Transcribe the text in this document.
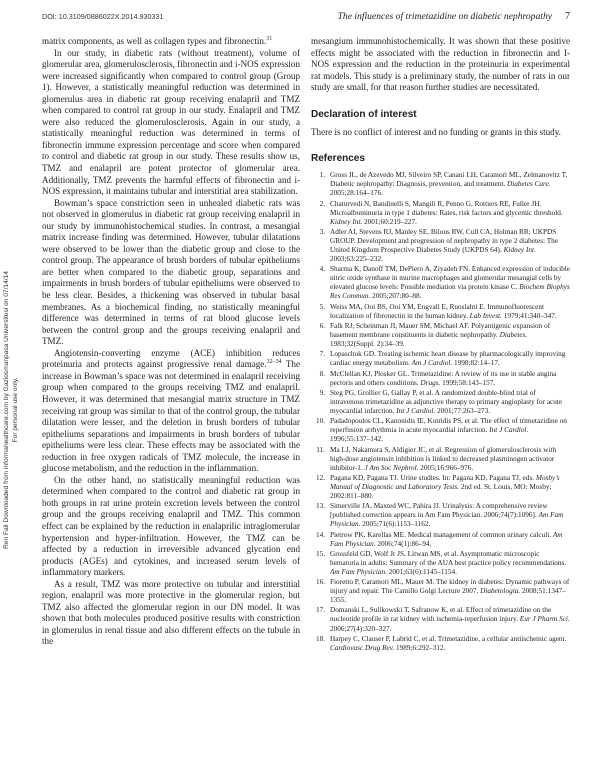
DOI: 10.3109/0886022X.2014.930331	The influences of trimetazidine on diabetic nephropathy 7
Ren Fail Downloaded from informahealthcare.com by Gaziosmanpasa Universitesi on 07/14/14 For personal use only.

matrix components, as well as collagen types and fibronectin.$^{31}$

In our study, in diabetic rats (without treatment), volume of glomerular area, glomerulosclerosis, fibronectin and i-NOS expression were increased significantly when compared to control group (Group 1). However, a statistically meaningful reduction was determined in glomerulus area in diabetic rat group receiving enalapril and TMZ when compared to control rat group in our study. Enalapril and TMZ were also reduced the glomerulosclerosis. Again in our study, a statistically meaningful reduction was determined in terms of fibronectin immune expression percentage and score when compared to control and diabetic rat group in our study. These results show us, TMZ and enalapril are potent protector of glomerular area. Additionally, TMZ prevents the harmful effects of fibronectin and i-NOS expression, it maintains tubular and interstitial area stabilization.

Bowman’s space constriction seen in unhealed diabetic rats was not observed in glomerulus in diabetic rat group receiving enalapril in our study by immunohistochemical studies. In contrast, a mesangial matrix increase finding was determined. However, tubular dilatations were observed to be lower than the diabetic group and close to the control group. The appearance of brush borders of tubular epitheliums are better when compared to the diabetic group, separations and impairments in brush borders of tubular epitheliums were observed to be less clear. Besides, a thickening was observed in tubular basal membranes. As a biochemical finding, no statistically meaningful difference was determined in terms of rat blood glucose levels between the control group and the groups receiving enalapril and TMZ.

Angiotensin-converting enzyme (ACE) inhibition reduces proteinuria and protects against progressive renal damage.$^{32-34}$ The increase in Bowman’s space was not determined in enalapril receiving group when compared to the groups receiving TMZ and enalapril. However, it was determined that mesangial matrix structure in TMZ receiving rat group was similar to that of the control group, the tubular dilatation were lesser, and the deletion in brush borders of tubular epitheliums separations and impairments in brush borders of tubular epitheliums were less clear. These effects may be associated with the reduction in free oxygen radicals of TMZ molecule, the increase in glucose metabolism, and the reduction in the inflammation.

On the other hand, no statistically meaningful reduction was determined when compared to the control and diabetic rat group in both groups in rat urine protein excretion levels between the control group and the groups receiving enalapril and TMZ. This common effect can be explained by the reduction in enalaprilic intraglomerular hypertension and hyper-infiltration. However, the TMZ can be affected by a reduction in irreversible advanced glycation end products (AGEs) and cytokines, and increased serum levels of inflammatory markers.

As a result, TMZ was more protective on tubular and interstitial region, enalapril was more protective in the glomerular region, but TMZ also affected the glomerular region in our DN model. It was shown that both molecules produced positive results with constriction in glomerulus in renal tissue and also different effects on the tubule in the

mesangium immunohistochemically. It was shown that these positive effects might be associated with the reduction in fibronectin and I-NOS expression and the reduction in the proteinuria in experimental rat models. This study is a preliminary study, the number of rats in our study are small, for that reason further studies are necessitated.

Declaration of interest

There is no conflict of interest and no funding or grants in this study.

References
1. Gross JL, de Azevedo MJ, Silveiro SP, Canani LH, Caramori ML, Zelmanovitz T. Diabetic nephropathy: Diagnosis, prevention, and treatment. Diabetes Care. 2005;28:164–176.
2. Chaturvedi N, Bandinelli S, Mangili R, Penno G, Rottiers RE, Fuller JH. Microalbuminuria in type 1 diabetes: Rates, risk factors and glycemic threshold. Kidney Int. 2001;60:219–227.
3. Adler AI, Stevens RJ, Manley SE, Bilous RW, Cull CA, Holman RR; UKPDS GROUP. Development and progression of nephropathy in type 2 diabetes: The United Kingdom Prospective Diabetes Study (UKPDS 64). Kidney Int. 2003;63:225–232.
4. Sharma K, Danoff TM, DePiero A, Ziyadeh FN. Enhanced expression of inducible nitric oxide synthase in murine macrophages and glomerular mesangial cells by elevated glucose levels: Possible mediation via protein kinase C. Biochem Biophys Res Commun. 2005;207:80–88.
5. Weiss MA, Ooi BS, Ooi YM, Engvall E, Ruoslahti E. Immunofluorescent localization of fibronectin in the human kidney. Lab Invest. 1979;41:340–347.
6. Falk RJ, Scheinman JI, Mauer SM, Michael AF. Polyantigenic expansion of basement membrane constituents in diabetic nephropathy. Diabetes. 1983;32(Suppl. 2):34–39.
7. Lopaschuk GD. Treating ischemic heart disease by pharmacologically improving cardiac energy metabolism. Am J Cardiol. 1998;82:14–17.
8. McClellan KJ, Plosker GL. Trimetazidine: A review of its use in stable angina pectoris and others conditions. Drugs. 1999;58:143–157.
9. Steg PG, Grollier G, Gallay P, et al. A randomized double-blind trial of intravenous trimetazidine as adjunctive therapy to primary angioplasty for acute myocardial infarction. Int J Cardiol. 2001;77:263–273.
10. Padadopoulos CL, Kanonidis IE, Kotridis PS, et al. The effect of trimetazidine on reperfusion arrhythmia in acute myocardial infarction. Int J Cardiol. 1996;55:137–142.
11. Ma LJ, Nakamura S, Aldigier JC, et al. Regression of glomerulosclerosis with high-dose angiotensin inhibition is linked to decreased plasminogen activator inhibitor-1. J Am Soc Nephrol. 2005;16:966–976.
12. Pagana KD, Pagana TJ. Urine studies. In: Pagana KD, Pagana TJ, eds. Mosby’s Manual of Diagnostic and Laboratory Tests. 2nd ed. St. Louis, MO: Mosby; 2002:811–880.
13. Simerville JA, Maxted WC, Pahira JJ. Urinalysis: A comprehensive review [published correction appears in Am Fam Physician. 2006;74(7):1096]. Am Fam Physician. 2005;71(6):1153–1162.
14. Pietrow PK, Karellas ME. Medical management of common urinary calculi. Am Fam Physician. 2006;74(1):86–94.
15. Grossfeld GD, Wolf Jr JS, Litwan MS, et al. Asymptomatic microscopic hematuria in adults: Summary of the AUA best practice policy recommendations. Am Fam Physician. 2001;63(6):1145–1154.
16. Fioretto P, Caramori ML, Mauer M. The kidney in diabetes: Dynamic pathways of injury and repair. The Camillo Golgi Lecture 2007. Diabetologia. 2008;51:1347–1355.
17. Domanski L, Sulikowski T, Safranow K, et al. Effect of trimetazidine on the nucleotide profile in rat kidney with ischemia-reperfusion injury. Eur J Pharm Sci. 2006;27(4):320–327.
18. Harpey C, Clauser P, Labrid C, et al. Trimetazidine, a cellular antiischemic agent. Cardiovasc Drug Rev. 1989;6:292–312.
